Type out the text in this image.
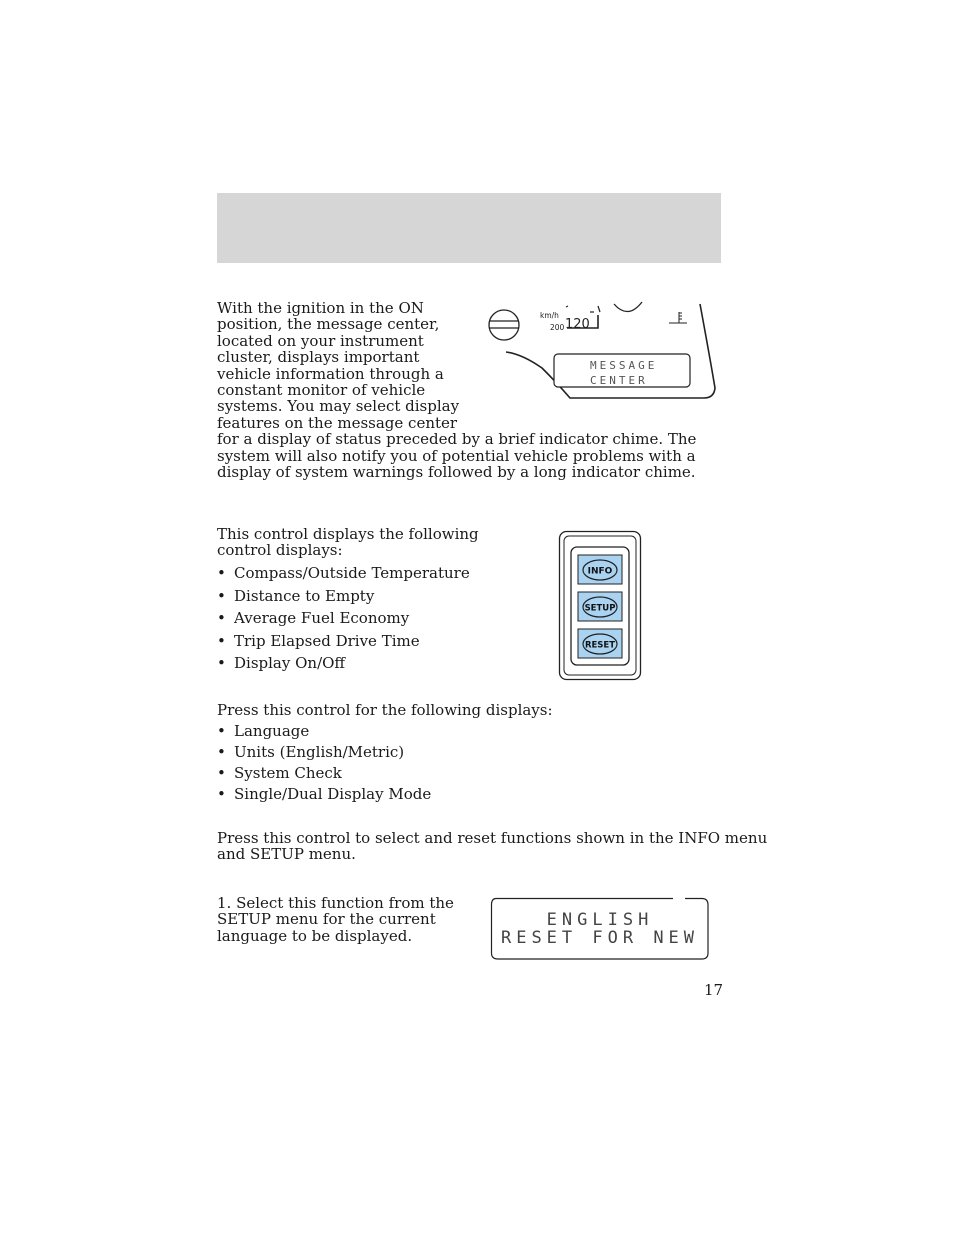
With the ignition in the ON position, the message center, located on your instrument cluster, displays important vehicle information through a constant monitor of vehicle systems. You may select display features on the message center for a display of status preceded by a brief indicator chime. The system will also notify you of potential vehicle problems with a display of system warnings followed by a long indicator chime.
km/h
200 120
MESSAGE
CENTER
This control displays the following
control displays:
• Compass/Outside Temperature
• Distance to Empty
• Average Fuel Economy
• Trip Elapsed Drive Time
• Display On/Off
INFO
SETUP
RESET
Press this control for the following displays:
• Language
• Units (English/Metric)
• System Check
• Single/Dual Display Mode
Press this control to select and reset functions shown in the INFO menu
and SETUP menu.
1. Select this function from the
SETUP menu for the current
language to be displayed.
ENGLISH
RESET FOR NEW
17
